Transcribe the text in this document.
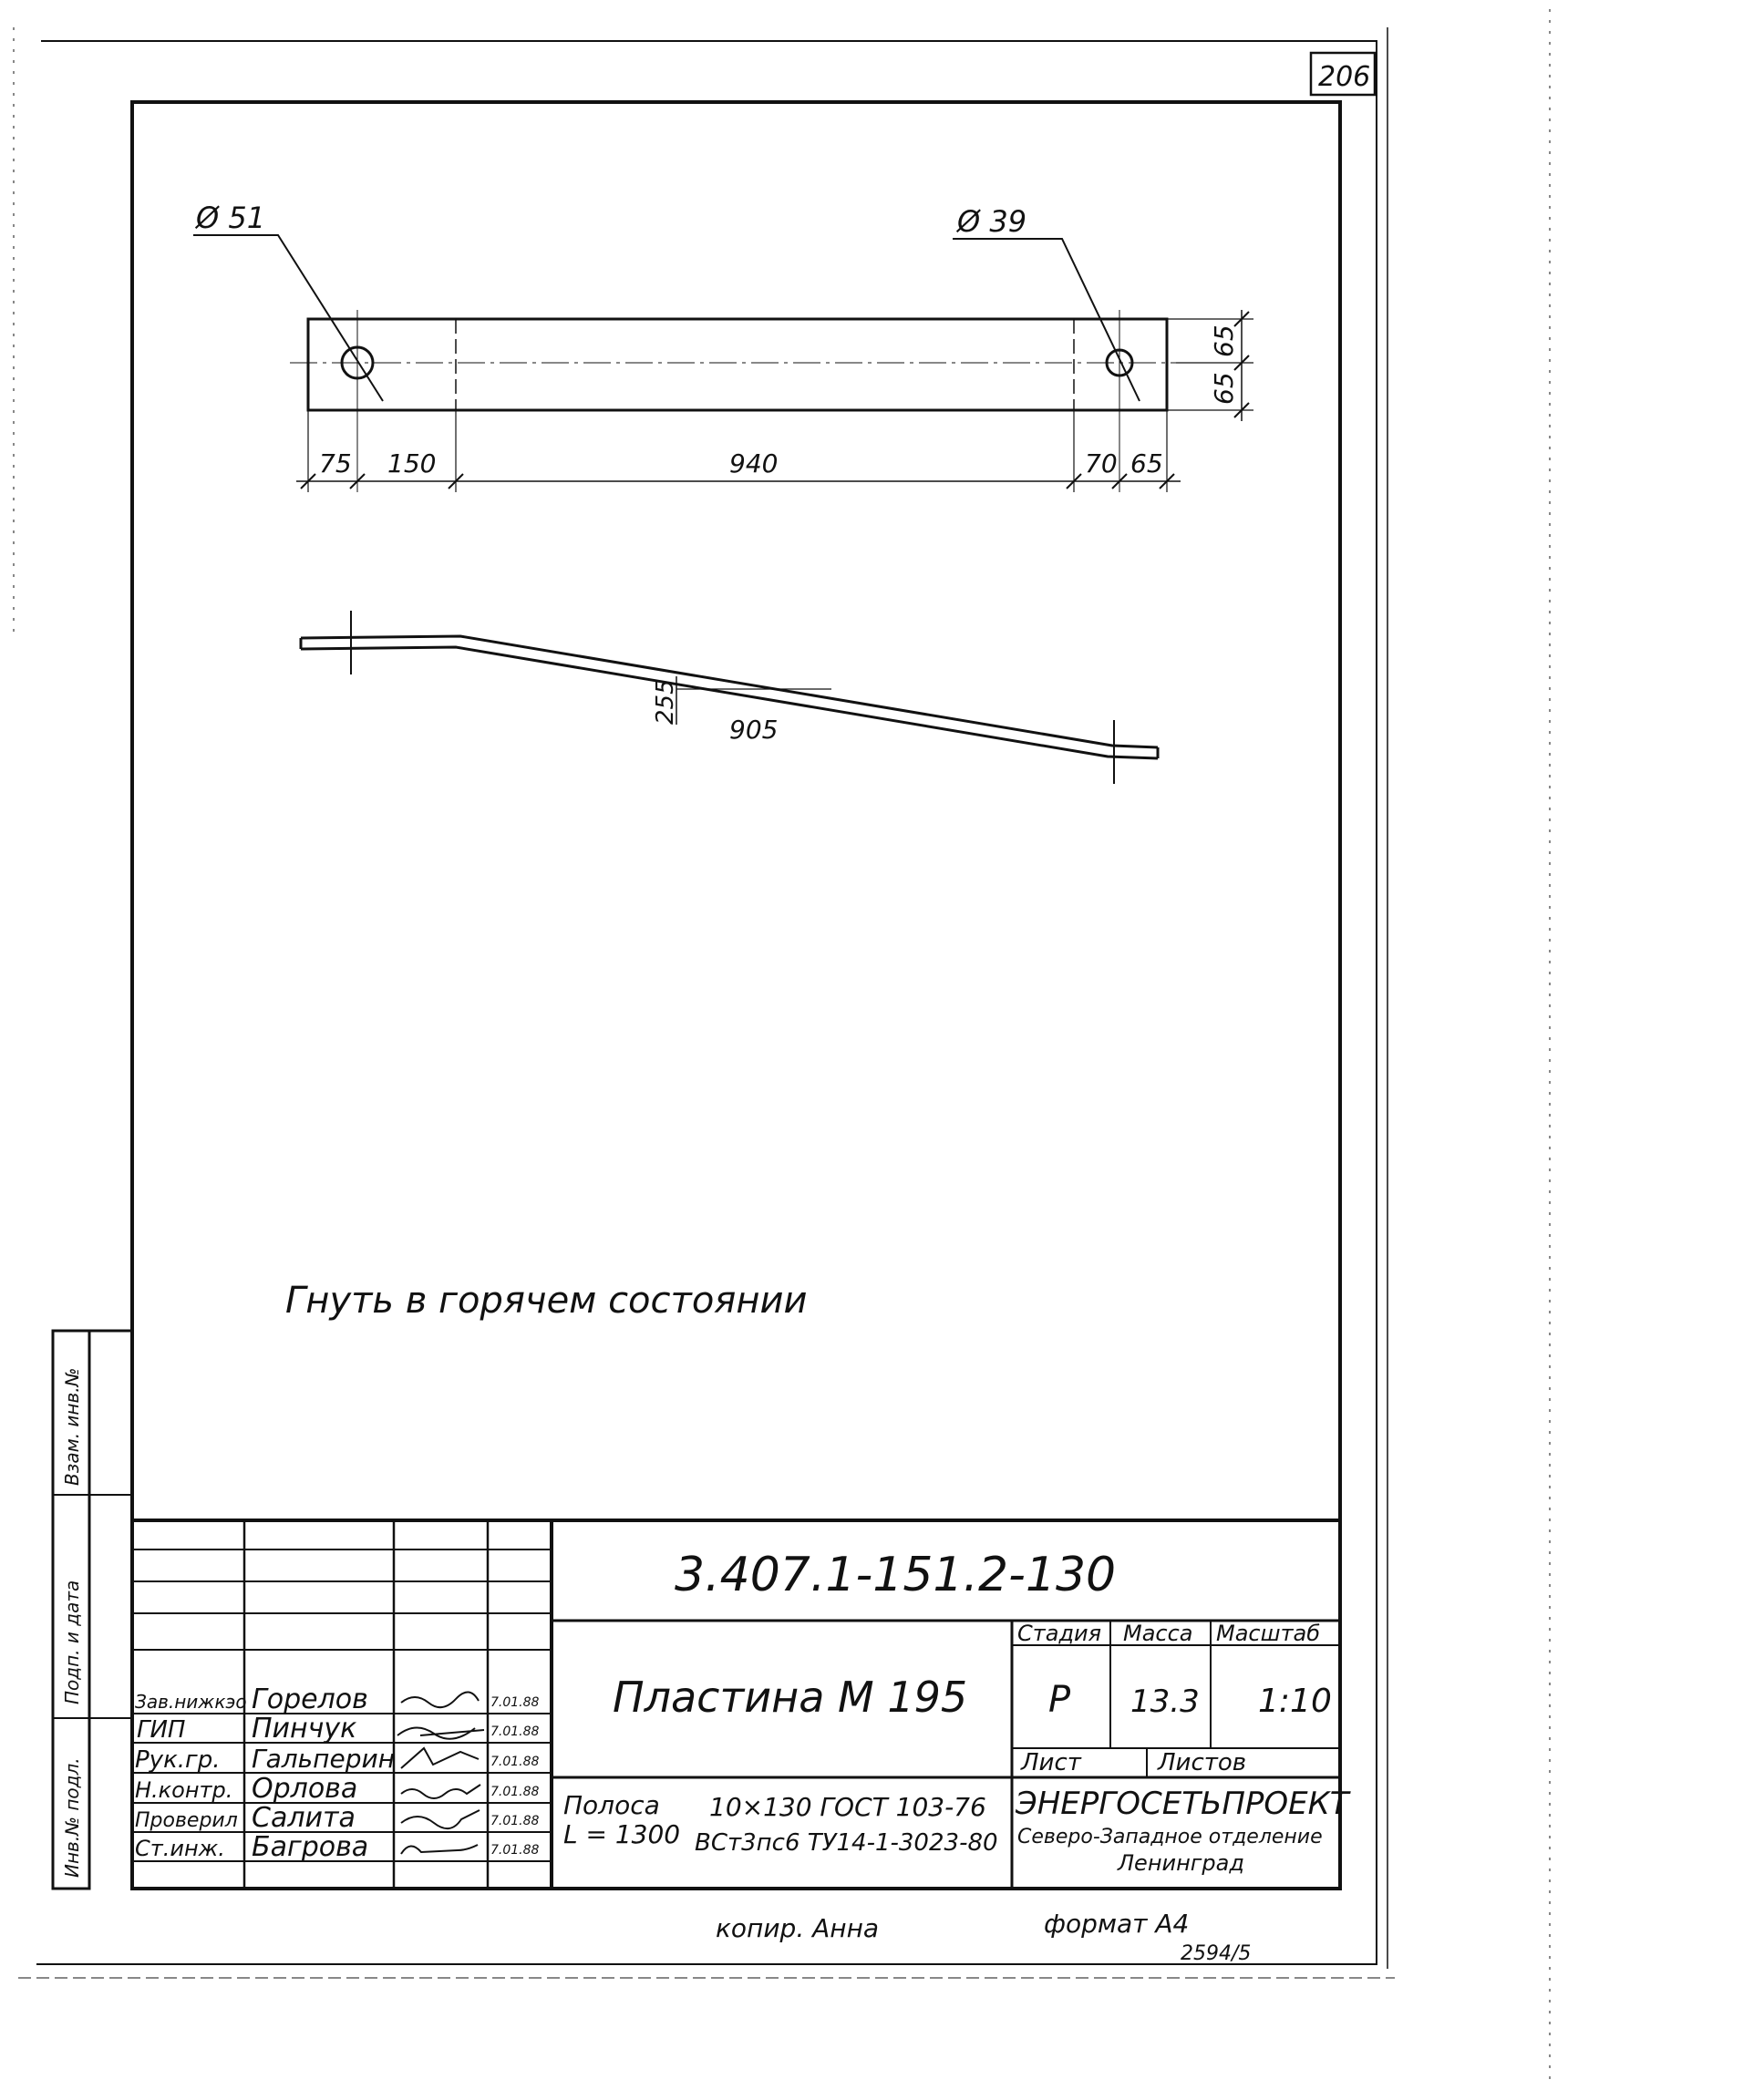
206
Инв.№ подл.
Подп. и дата
Взам. инв.№
Ø 51	Ø 39
75 150	940	70 65
65
65
255
905
Гнуть в горячем состоянии
3.407.1-151.2-130
Пластина М 195
Полоса L = 1300
10×130 ГОСТ 103-76
ВСт3пс6 ТУ14-1-3023-80
Стадия Масса Масштаб
Р 13.3 1:10
Лист	Листов
ЭНЕРГОСЕТЬПРОЕКТ
Северо-Западное отделение
Ленинград
Зав.нижкэо Горелов	7.01.88
ГИП Пинчук	7.01.88
Рук.гр. Гальперин	7.01.88
Н.контр. Орлова	7.01.88
Проверил Салита	7.01.88
Ст.инж. Багрова	7.01.88
копир. Анна	формат А4
2594/5
